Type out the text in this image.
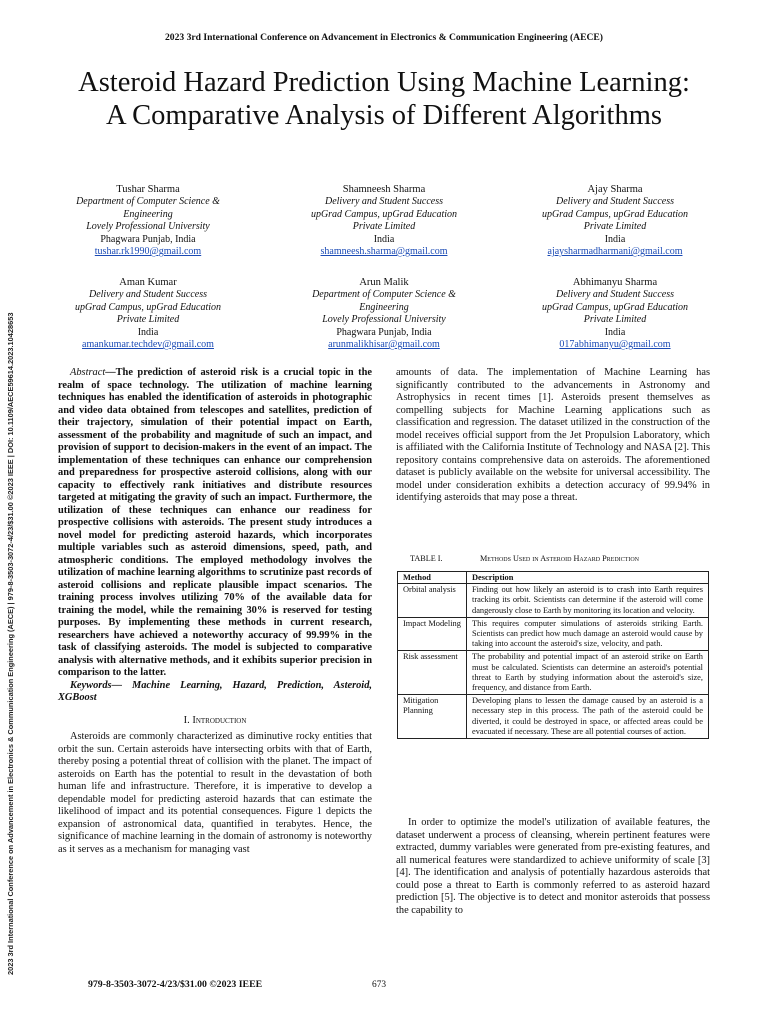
2023 3rd International Conference on Advancement in Electronics & Communication Engineering (AECE)
2023 3rd International Conference on Advancement in Electronics & Communication Engineering (AECE) | 979-8-3503-3072-4/23/$31.00 ©2023 IEEE | DOI: 10.1109/AECE59614.2023.10428653
Asteroid Hazard Prediction Using Machine Learning: A Comparative Analysis of Different Algorithms
Tushar Sharma
Department of Computer Science &
Engineering
Lovely Professional University
Phagwara Punjab, India
tushar.rk1990@gmail.com
Shamneesh Sharma
Delivery and Student Success
upGrad Campus, upGrad Education
Private Limited
India
shamneesh.sharma@gmail.com
Ajay Sharma
Delivery and Student Success
upGrad Campus, upGrad Education
Private Limited
India
ajaysharmadharmani@gmail.com
Aman Kumar
Delivery and Student Success
upGrad Campus, upGrad Education
Private Limited
India
amankumar.techdev@gmail.com
Arun Malik
Department of Computer Science &
Engineering
Lovely Professional University
Phagwara Punjab, India
arunmalikhisar@gmail.com
Abhimanyu Sharma
Delivery and Student Success
upGrad Campus, upGrad Education
Private Limited
India
017abhimanyu@gmail.com

Abstract—The prediction of asteroid risk is a crucial topic in the realm of space technology. The utilization of machine learning techniques has enabled the identification of asteroids in photographic and video data obtained from telescopes and satellites, prediction of their trajectory, simulation of their potential impact on Earth, assessment of the probability and magnitude of such an impact, and provision of support to decision-makers in the event of an impact. The implementation of these techniques can enhance our comprehension and preparedness for prospective asteroid collisions, along with our capacity to effectively rank initiatives and distribute resources targeted at mitigating the gravity of such an impact. Furthermore, the utilization of these techniques can enhance our readiness for prospective collisions with asteroids. The present study introduces a novel model for predicting asteroid hazards, which incorporates multiple variables such as asteroid dimensions, speed, path, and atmospheric conditions. The employed methodology involves the utilization of machine learning algorithms to scrutinize past records of asteroid collisions and replicate plausible impact scenarios. The training process involves utilizing 70% of the available data for training the model, while the remaining 30% is reserved for testing purposes. By implementing these methods in current research, researchers have achieved a noteworthy accuracy of 99.99% in the task of classifying asteroids. The model is subjected to comparative analysis with alternative methods, and it exhibits superior precision in comparison to the latter.

Keywords— Machine Learning, Hazard, Prediction, Asteroid, XGBoost

I. Introduction

Asteroids are commonly characterized as diminutive rocky entities that orbit the sun. Certain asteroids have intersecting orbits with that of Earth, thereby posing a potential threat of collision with the planet. The impact of asteroids on Earth has the potential to result in the devastation of both human life and infrastructure. Therefore, it is imperative to develop a dependable model for predicting asteroid hazards that can estimate the likelihood of impact and its potential consequences. Figure 1 depicts the expansion of astronomical data, quantified in terabytes. Hence, the significance of machine learning in the domain of astronomy is noteworthy as it serves as a mechanism for managing vast

amounts of data. The implementation of Machine Learning has significantly contributed to the advancements in Astronomy and Astrophysics in recent times [1]. Asteroids present themselves as compelling subjects for Machine Learning applications such as classification and regression. The dataset utilized in the construction of the model receives official support from the Jet Propulsion Laboratory, which is affiliated with the California Institute of Technology and NASA [2]. This repository contains comprehensive data on asteroids. The aforementioned dataset is publicly available on the website for universal accessibility. The model under consideration exhibits a detection accuracy of 99.94% in identifying asteroids that may pose a threat.

TABLE I.	Methods Used in Asteroid Hazard Prediction
Method	Description
Orbital analysis	Finding out how likely an asteroid is to crash into Earth requires tracking its orbit. Scientists can determine if the asteroid will come dangerously close to Earth by monitoring its location and velocity.
Impact Modeling	This requires computer simulations of asteroids striking Earth. Scientists can predict how much damage an asteroid would cause by taking into account the asteroid's size, velocity, and path.
Risk assessment	The probability and potential impact of an asteroid strike on Earth must be calculated. Scientists can determine an asteroid's potential threat to Earth by studying information about the asteroid's size, frequency, and distance from Earth.
Mitigation Planning	Developing plans to lessen the damage caused by an asteroid is a necessary step in this process. The path of the asteroid could be diverted, it could be destroyed in space, or affected areas could be evacuated if necessary. These are all potential courses of action.

In order to optimize the model's utilization of available features, the dataset underwent a process of cleansing, wherein pertinent features were extracted, dummy variables were generated from pre-existing features, and all numerical features were standardized to achieve uniformity of scale [3][4]. The identification and analysis of potentially hazardous asteroids that could pose a threat to Earth is commonly referred to as asteroid hazard prediction [5]. The objective is to detect and monitor asteroids that possess the capability to

979-8-3503-3072-4/23/$31.00 ©2023 IEEE	673
